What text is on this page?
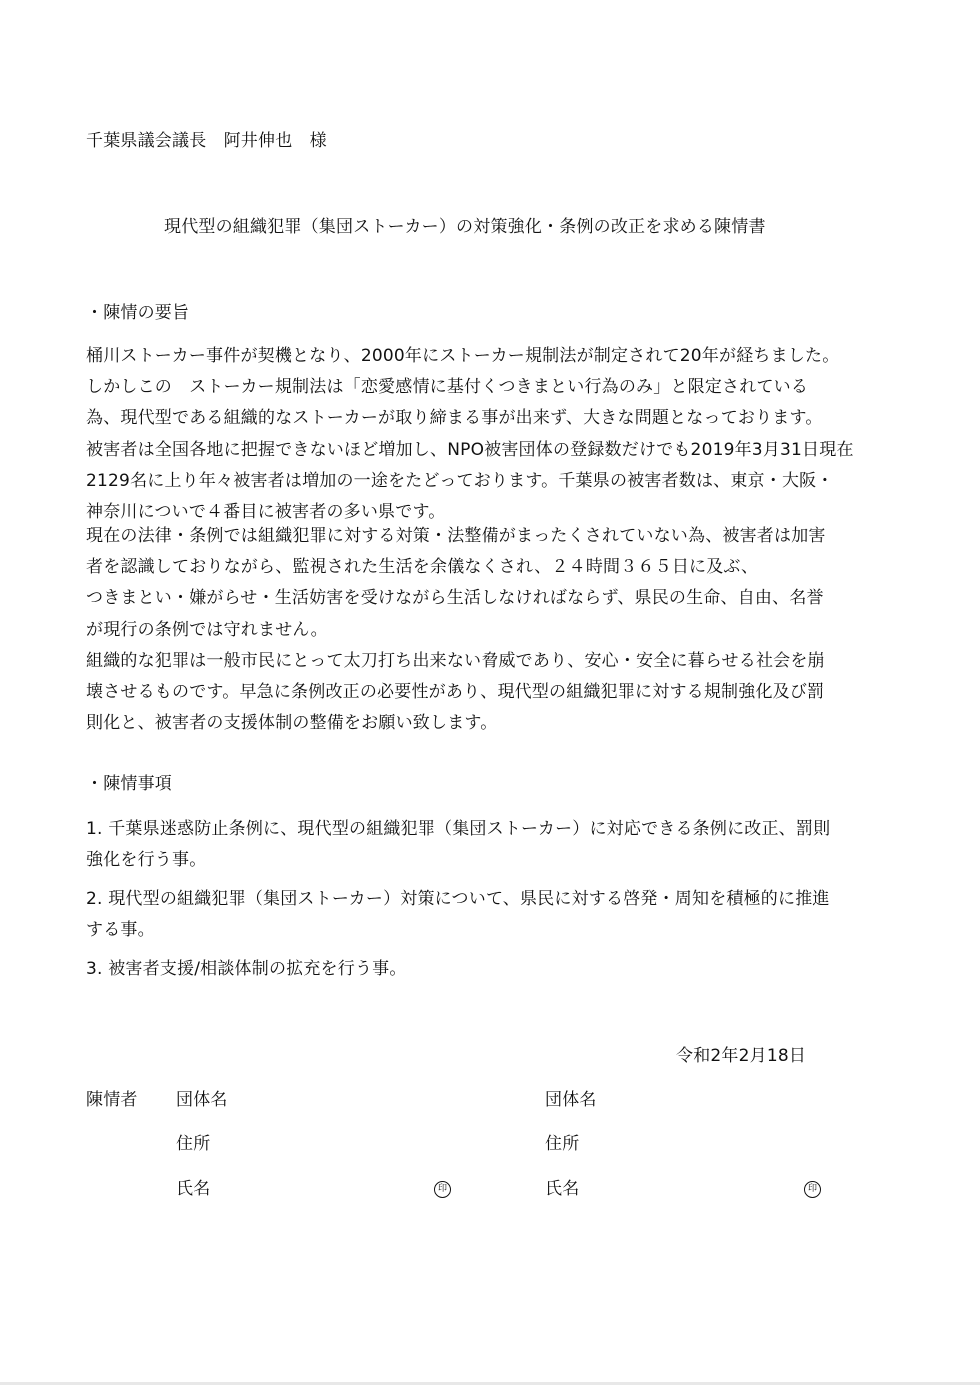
千葉県議会議長　阿井伸也　様
現代型の組織犯罪（集団ストーカー）の対策強化・条例の改正を求める陳情書
・陳情の要旨
桶川ストーカー事件が契機となり、2000年にストーカー規制法が制定されて20年が経ちました。
しかしこの　ストーカー規制法は「恋愛感情に基付くつきまとい行為のみ」と限定されている
為、現代型である組織的なストーカーが取り締まる事が出来ず、大きな問題となっております。
被害者は全国各地に把握できないほど増加し、NPO被害団体の登録数だけでも2019年3月31日現在
2129名に上り年々被害者は増加の一途をたどっております。千葉県の被害者数は、東京・大阪・
神奈川についで４番目に被害者の多い県です。
現在の法律・条例では組織犯罪に対する対策・法整備がまったくされていない為、被害者は加害
者を認識しておりながら、監視された生活を余儀なくされ、２４時間３６５日に及ぶ、
つきまとい・嫌がらせ・生活妨害を受けながら生活しなければならず、県民の生命、自由、名誉
が現行の条例では守れません。
組織的な犯罪は一般市民にとって太刀打ち出来ない脅威であり、安心・安全に暮らせる社会を崩
壊させるものです。早急に条例改正の必要性があり、現代型の組織犯罪に対する規制強化及び罰
則化と、被害者の支援体制の整備をお願い致します。
・陳情事項
1. 千葉県迷惑防止条例に、現代型の組織犯罪（集団ストーカー）に対応できる条例に改正、罰則
強化を行う事。
2. 現代型の組織犯罪（集団ストーカー）対策について、県民に対する啓発・周知を積極的に推進
する事。
3. 被害者支援/相談体制の拡充を行う事。
令和2年2月18日
陳情者 団体名
住所
氏名	印
団体名
住所
氏名	印
